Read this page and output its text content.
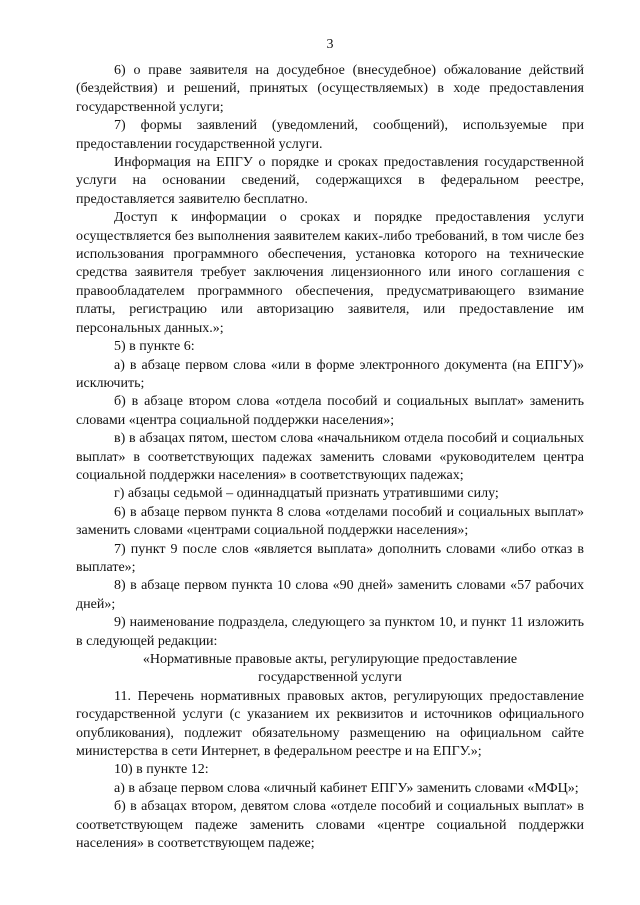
3

6) о праве заявителя на досудебное (внесудебное) обжалование действий (бездействия) и решений, принятых (осуществляемых) в ходе предоставления государственной услуги;

7) формы заявлений (уведомлений, сообщений), используемые при предоставлении государственной услуги.

Информация на ЕПГУ о порядке и сроках предоставления государственной услуги на основании сведений, содержащихся в федеральном реестре, предоставляется заявителю бесплатно.

Доступ к информации о сроках и порядке предоставления услуги осуществляется без выполнения заявителем каких-либо требований, в том числе без использования программного обеспечения, установка которого на технические средства заявителя требует заключения лицензионного или иного соглашения с правообладателем программного обеспечения, предусматривающего взимание платы, регистрацию или авторизацию заявителя, или предоставление им персональных данных.»;

5) в пункте 6:

а) в абзаце первом слова «или в форме электронного документа (на ЕПГУ)» исключить;

б) в абзаце втором слова «отдела пособий и социальных выплат» заменить словами «центра социальной поддержки населения»;

в) в абзацах пятом, шестом слова «начальником отдела пособий и социальных выплат» в соответствующих падежах заменить словами «руководителем центра социальной поддержки населения» в соответствующих падежах;

г) абзацы седьмой – одиннадцатый признать утратившими силу;

6) в абзаце первом пункта 8 слова «отделами пособий и социальных выплат» заменить словами «центрами социальной поддержки населения»;

7) пункт 9 после слов «является выплата» дополнить словами «либо отказ в выплате»;

8) в абзаце первом пункта 10 слова «90 дней» заменить словами «57 рабочих дней»;

9) наименование подраздела, следующего за пунктом 10, и пункт 11 изложить в следующей редакции:

«Нормативные правовые акты, регулирующие предоставление
государственной услуги

11. Перечень нормативных правовых актов, регулирующих предоставление государственной услуги (с указанием их реквизитов и источников официального опубликования), подлежит обязательному размещению на официальном сайте министерства в сети Интернет, в федеральном реестре и на ЕПГУ.»;

10) в пункте 12:

а) в абзаце первом слова «личный кабинет ЕПГУ» заменить словами «МФЦ»;

б) в абзацах втором, девятом слова «отделе пособий и социальных выплат» в соответствующем падеже заменить словами «центре социальной поддержки населения» в соответствующем падеже;
